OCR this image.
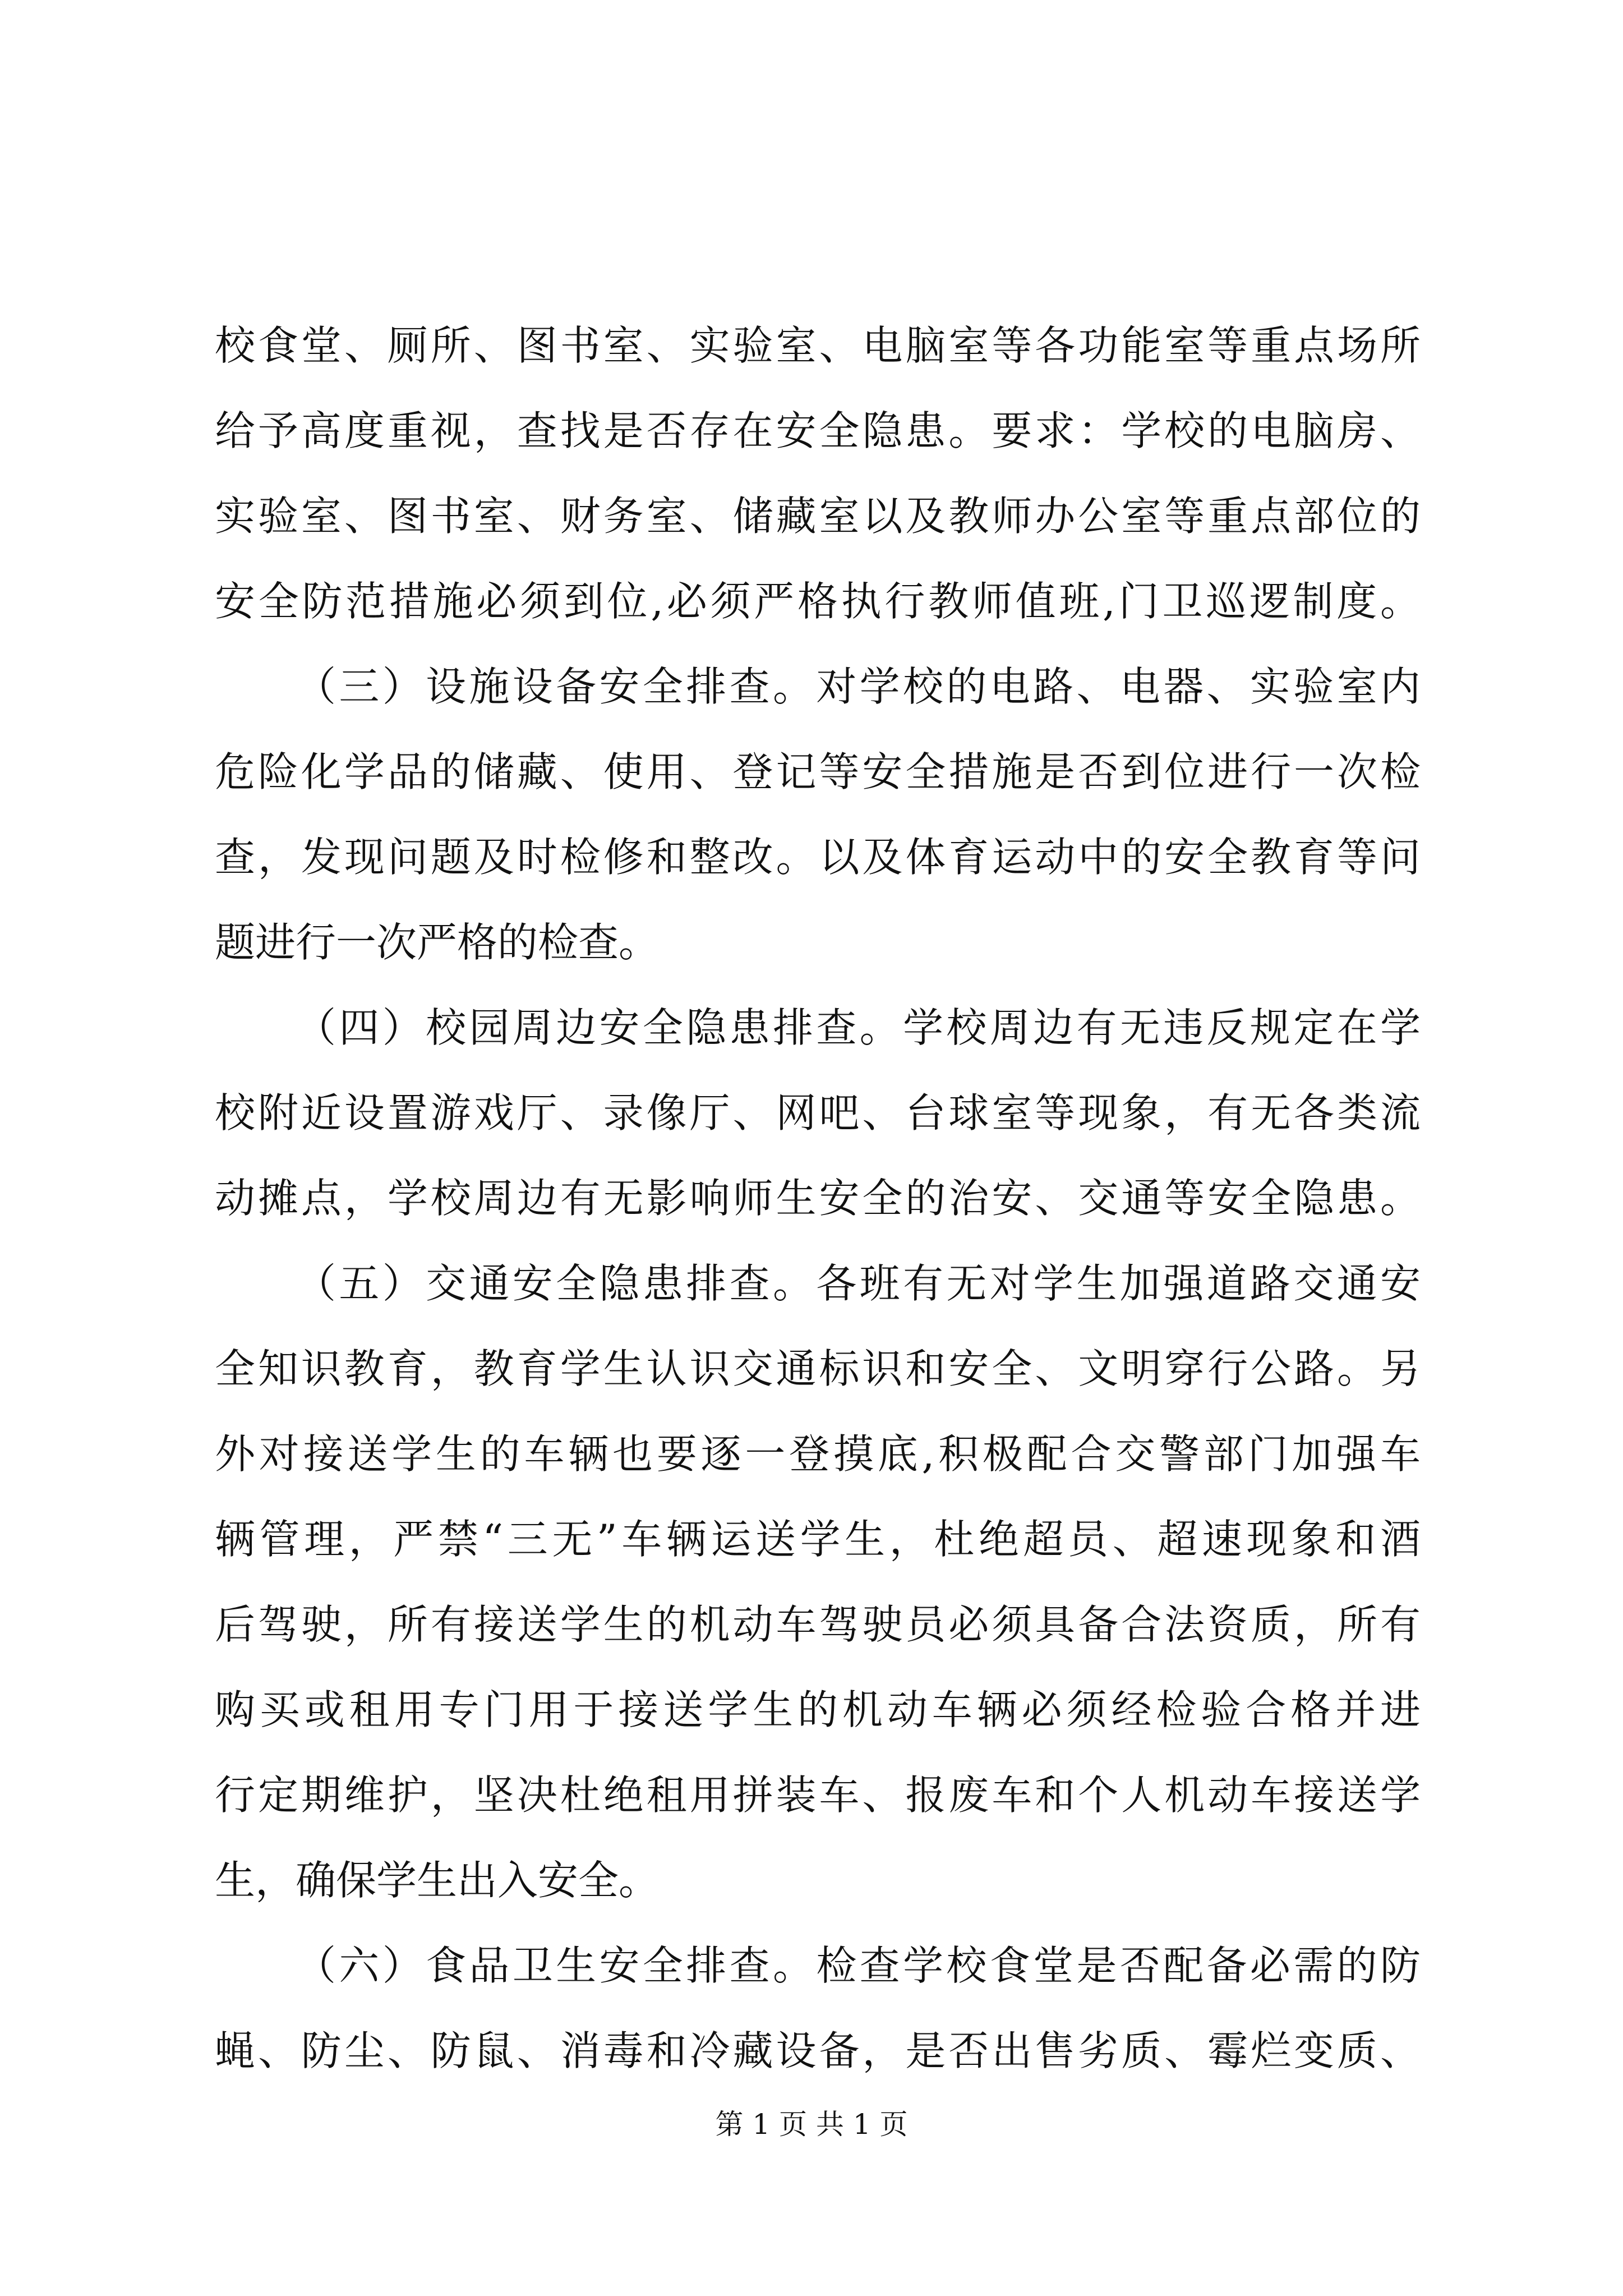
校食堂、厕所、图书室、实验室、电脑室等各功能室等重点场所
给予高度重视，查找是否存在安全隐患。要求：学校的电脑房、
实验室、图书室、财务室、储藏室以及教师办公室等重点部位的
安全防范措施必须到位,必须严格执行教师值班,门卫巡逻制度。
（三）设施设备安全排查。对学校的电路、电器、实验室内
危险化学品的储藏、使用、登记等安全措施是否到位进行一次检
查，发现问题及时检修和整改。以及体育运动中的安全教育等问
题进行一次严格的检查。
（四）校园周边安全隐患排查。学校周边有无违反规定在学
校附近设置游戏厅、录像厅、网吧、台球室等现象，有无各类流
动摊点，学校周边有无影响师生安全的治安、交通等安全隐患。
（五）交通安全隐患排查。各班有无对学生加强道路交通安
全知识教育，教育学生认识交通标识和安全、文明穿行公路。另
外对接送学生的车辆也要逐一登摸底,积极配合交警部门加强车
辆管理，严禁“三无”车辆运送学生，杜绝超员、超速现象和酒
后驾驶，所有接送学生的机动车驾驶员必须具备合法资质，所有
购买或租用专门用于接送学生的机动车辆必须经检验合格并进
行定期维护，坚决杜绝租用拼装车、报废车和个人机动车接送学
生，确保学生出入安全。
（六）食品卫生安全排查。检查学校食堂是否配备必需的防
蝇、防尘、防鼠、消毒和冷藏设备，是否出售劣质、霉烂变质、
第 1 页 共 1 页
